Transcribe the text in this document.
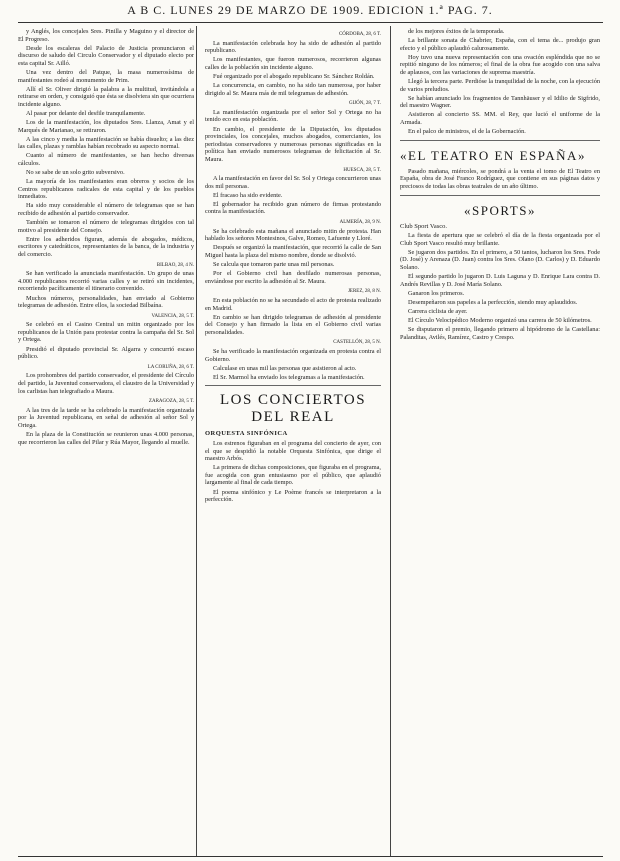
A B C. LUNES 29 DE MARZO DE 1909. EDICION 1.ª PAG. 7.

y Anglés, los concejales Sres. Pinilla y Maguino y el director de El Progreso.

Desde los escaleras del Palacio de Justicia pronunciaron el discurso de saludo del Circulo Conservador y el diputado electo por esta capital Sr. Ailló.

Una vez dentro del Patque, la masa numerosísima de manifestantes rodeó al monumento de Prim.

Allí el Sr. Oliver dirigió la palabra a la multitud, invitándola a retirarse en orden, y consiguió que ésta se disolviera sin que ocurriera incidente alguno.

Al pasar por delante del desfile tranquilamente.

Los de la manifestación, los diputados Sres. Llanza, Amat y el Marqués de Marianao, se retiraron.

A las cinco y media la manifestación se había disuelto; a las diez las calles, plazas y ramblas habían recobrado su aspecto normal.

Cuanto al número de manifestantes, se han hecho diversas cálculos.

No se sabe de un solo grito subversivo.

La mayoría de los manifestantes eran obreros y socios de los Centros republicanos radicales de esta capital y de los pueblos inmediatos.

Ha sido muy considerable el número de telegramas que se han recibido de adhesión al partido conservador.

También se tomaron el número de telegramas dirigidos con tal motivo al presidente del Consejo.

Entre los adheridos figuran, además de abogados, médicos, escritores y catedráticos, representantes de la banca, de la industria y del comercio.

BILBAO, 28, 4 N.

Se han verificado la anunciada manifestación. Un grupo de unas 4.000 republicanos recorrió varias calles y se retiró sin incidentes, recorriendo pacíficamente el itinerario convenido.

Muchos números, personalidades, han enviado al Gobierno telegramas de adhesión. Entre ellos, la sociedad Bilbaína.

VALENCIA, 28, 5 T.

Se celebró en el Casino Central un mitin organizado por los republicanos de la Unión para protestar contra la campaña del Sr. Sol y Ortega.

Presidió el diputado provincial Sr. Algarra y concurrió escaso público.

LA CORUÑA, 28, 6 T.

Los prohombres del partido conservador, el presidente del Círculo del partido, la Juventud conservadora, el claustro de la Universidad y los carlistas han telegrafiado a Maura.

ZARAGOZA, 28, 5 T.

A las tres de la tarde se ha celebrado la manifestación organizada por la Juventud republicana, en señal de adhesión al señor Sol y Ortega.

En la plaza de la Constitución se reunieron unas 4.000 personas, que recorrieron las calles del Pilar y Rúa Mayor, llegando al muelle.

CÓRDOBA, 28, 6 T.

La manifestación celebrada hoy ha sido de adhesión al partido republicano.

Los manifestantes, que fueron numerosos, recorrieron algunas calles de la población sin incidente alguno.

Fué organizado por el abogado republicano Sr. Sánchez Roldán.

La concurrencia, en cambio, no ha sido tan numerosa, por haber dirigido al Sr. Maura más de mil telegramas de adhesión.

GIJÓN, 28, 7 T.

La manifestación organizada por el señor Sol y Ortega no ha tenido eco en esta población.

En cambio, el presidente de la Diputación, los diputados provinciales, los concejales, muchos abogados, comerciantes, los periodistas conservadores y numerosas personas significadas en la política han enviado numerosos telegramas de felicitación al Sr. Maura.

HUESCA, 28, 5 T.

A la manifestación en favor del Sr. Sol y Ortega concurrieron unas dos mil personas.

El fracaso ha sido evidente.

El gobernador ha recibido gran número de firmas protestando contra la manifestación.

ALMERÍA, 28, 9 N.

Se ha celebrado esta mañana el anunciado mitin de protesta. Han hablado los señores Montesinos, Galve, Romeo, Lafuente y Lloré.

Después se organizó la manifestación, que recorrió la calle de San Miguel hasta la plaza del mismo nombre, donde se disolvió.

Se calcula que tomaron parte unas mil personas.

Por el Gobierno civil han desfilado numerosas personas, enviándose por escrito la adhesión al Sr. Maura.

JEREZ, 28, 8 N.

En esta población no se ha secundado el acto de protesta realizado en Madrid.

En cambio se han dirigido telegramas de adhesión al presidente del Consejo y han firmado la lista en el Gobierno civil varias personalidades.

CASTELLÓN, 28, 5 N.

Se ha verificado la manifestación organizada en protesta contra el Gobierno.

Calculase en unas mil las personas que asistieron al acto.

El Sr. Marmol ha enviado los telegramas a la manifestación.

LOS CONCIERTOS DEL REAL
ORQUESTA SINFÓNICA

Los estrenos figuraban en el programa del concierto de ayer, con el que se despidió la notable Orquesta Sinfónica, que dirige el maestro Arbós.

La primera de dichas composiciones, que figuraba en el programa, fue acogida con gran entusiasmo por el público, que aplaudió largamente al final de cada tiempo.

El poema sinfónico y Le Poème francés se interpretaron a la perfección.

de los mejores éxitos de la temporada.

La brillante sonata de Chabrier, España, con el tema de... produjo gran efecto y el público aplaudió calurosamente.

Hoy tuvo una nueva representación con una ovación espléndida que no se repitió ninguno de los números; el final de la obra fue acogido con una salva de aplausos, con las variaciones de suprema maestría.

Llegó la tercera parte. Perdióse la tranquilidad de la noche, con la ejecución de varios preludios.

Se habían anunciado los fragmentos de Tannhäuser y el Idilio de Sigfrido, del maestro Wagner.

Asistieron al concierto SS. MM. el Rey, que lució el uniforme de la Armada.

En el palco de ministros, el de la Gobernación.

«EL TEATRO EN ESPAÑA»

Pasado mañana, miércoles, se pondrá a la venta el tomo de El Teatro en España, obra de José Franco Rodríguez, que contiene en sus páginas datos y preciosos de todas las obras teatrales de un año último.

«SPORTS»
Club Sport Vasco.

La fiesta de apertura que se celebró el día de la fiesta organizada por el Club Sport Vasco resultó muy brillante.

Se jugaron dos partidos. En el primero, a 50 tantos, lucharon los Sres. Fode (D. José) y Arenaza (D. Juan) contra los Sres. Olano (D. Carlos) y D. Eduardo Solano.

El segundo partido lo jugaron D. Luis Laguna y D. Enrique Lara contra D. Andrés Revillas y D. José María Solano.

Ganaron los primeros.

Desempeñaron sus papeles a la perfección, siendo muy aplaudidos.

Carrera ciclista de ayer.

El Círculo Velocipédico Moderno organizó una carrera de 50 kilómetros.

Se disputaron el premio, llegando primero al hipódromo de la Castellana: Palanditas, Avilés, Ramírez, Castro y Crespo.
